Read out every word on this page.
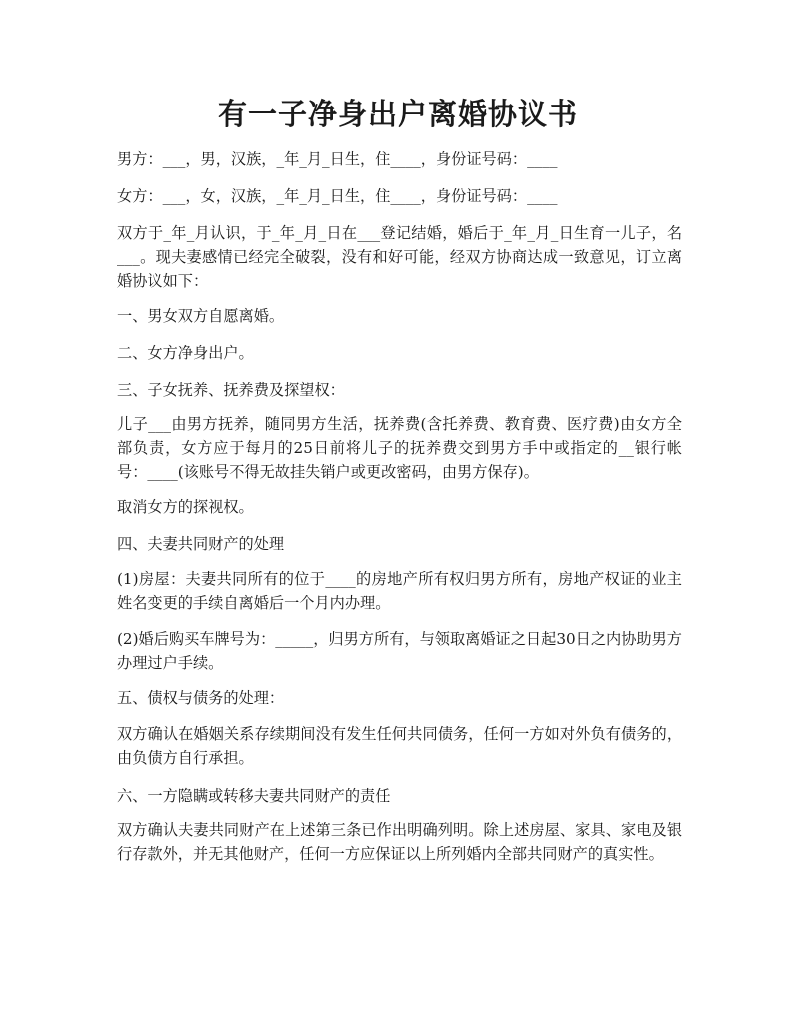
有一子净身出户离婚协议书

男方：___，男，汉族，_年_月_日生，住____，身份证号码：____

女方：___，女，汉族，_年_月_日生，住____，身份证号码：____

双方于_年_月认识，于_年_月_日在___登记结婚，婚后于_年_月_日生育一儿子，名___。现夫妻感情已经完全破裂，没有和好可能，经双方协商达成一致意见，订立离婚协议如下：

一、男女双方自愿离婚。

二、女方净身出户。

三、子女抚养、抚养费及探望权：

儿子___由男方抚养，随同男方生活，抚养费(含托养费、教育费、医疗费)由女方全部负责，女方应于每月的25日前将儿子的抚养费交到男方手中或指定的__银行帐号：____(该账号不得无故挂失销户或更改密码，由男方保存)。

取消女方的探视权。

四、夫妻共同财产的处理

(1)房屋：夫妻共同所有的位于____的房地产所有权归男方所有，房地产权证的业主姓名变更的手续自离婚后一个月内办理。

(2)婚后购买车牌号为：_____，归男方所有，与领取离婚证之日起30日之内协助男方办理过户手续。

五、债权与债务的处理：

双方确认在婚姻关系存续期间没有发生任何共同债务，任何一方如对外负有债务的，由负债方自行承担。

六、一方隐瞒或转移夫妻共同财产的责任

双方确认夫妻共同财产在上述第三条已作出明确列明。除上述房屋、家具、家电及银行存款外，并无其他财产，任何一方应保证以上所列婚内全部共同财产的真实性。
